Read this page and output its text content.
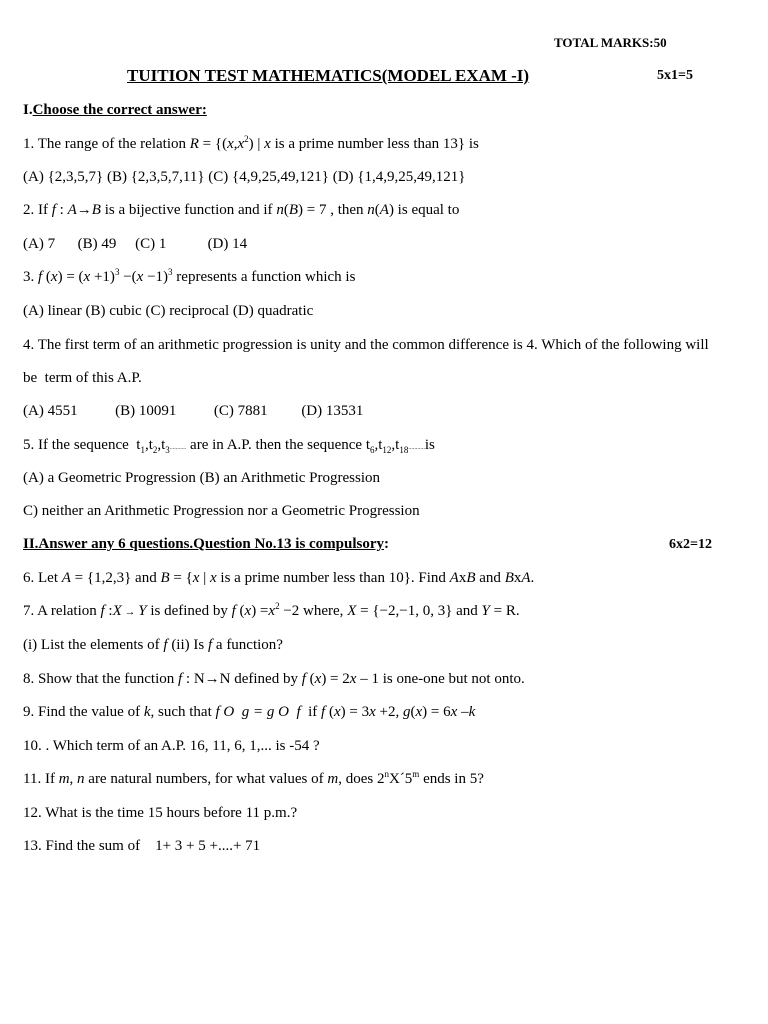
TOTAL MARKS:50
TUITION TEST MATHEMATICS(MODEL EXAM -I)	5x1=5
I.Choose the correct answer:
1. The range of the relation $R = \{(x,x^2)$ | x is a prime number less than 13} is
(A) {2,3,5,7} (B) {2,3,5,7,11} (C) {4,9,25,49,121} (D) {1,4,9,25,49,121}
2. If f : A→B is a bijective function and if n(B) = 7 , then n(A) is equal to
(A) 7      (B) 49     (C) 1           (D) 14
3. f $(x) = (x +1)^3 -(x -1)^3$ represents a function which is
(A) linear (B) cubic (C) reciprocal (D) quadratic
4. The first term of an arithmetic progression is unity and the common difference is 4. Which of the following will
be  term of this A.P.
(A) 4551          (B) 10091          (C) 7881         (D) 13531
5. If the sequence  $t_1,t_2,t_3$........... are in A.P. then the sequence $t_6,t_{12},t_{18}...........is$
(A) a Geometric Progression (B) an Arithmetic Progression
C) neither an Arithmetic Progression nor a Geometric Progression
II.Answer any 6 questions.Question No.13 is compulsory:	6x2=12
6. Let A = {1,2,3} and B = {x | x is a prime number less than 10}. Find AxB and BxA.
7. A relation f :X → Y is defined by f $(x) =x^2 -2$ where, X = {−2,−1, 0, 3} and Y = R.
(i) List the elements of f (ii) Is f a function?
8. Show that the function f : N→N defined by f (x) = 2x – 1 is one-one but not onto.
9. Find the value of k, such that f O  g = g O  f  if f (x) = 3x +2, g(x) = 6x –k
10. . Which term of an A.P. 16, 11, 6, 1,... is -54 ?
11. If m, n are natural numbers, for what values of m, does 2$^n$X´5$^m$ ends in 5?
12. What is the time 15 hours before 11 p.m.?
13. Find the sum of    1+ 3 + 5 +....+ 71
